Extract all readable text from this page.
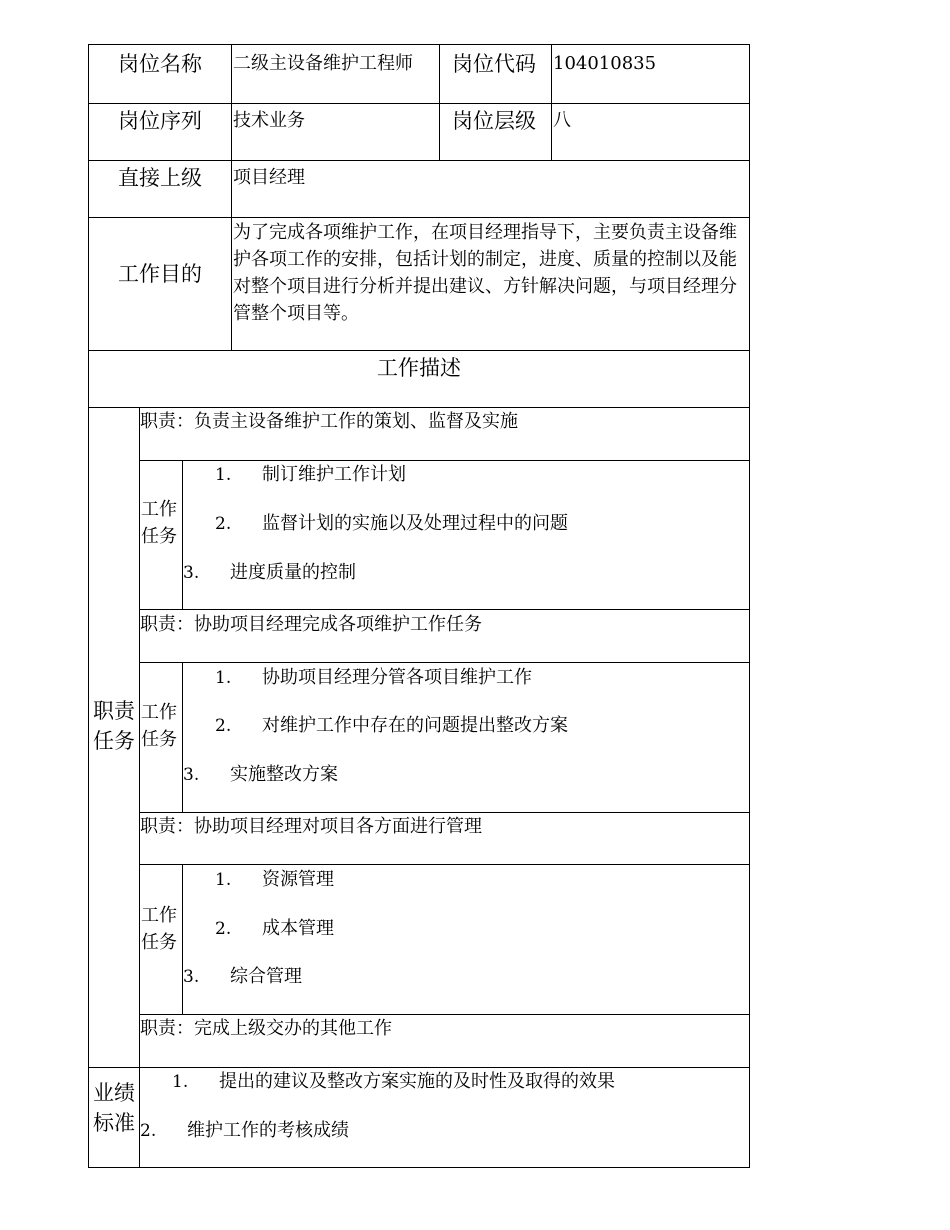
岗位名称 二级主设备维护工程师 岗位代码 104010835
岗位序列 技术业务	岗位层级 八
直接上级 项目经理
工作目的
为了完成各项维护工作，在项目经理指导下，主要负责主设备维护各项工作的安排，包括计划的制定，进度、质量的控制以及能对整个项目进行分析并提出建议、方针解决问题，与项目经理分管整个项目等。
工作描述
职责
任务
职责：负责主设备维护工作的策划、监督及实施
工作
任务
1. 制订维护工作计划
2. 监督计划的实施以及处理过程中的问题
3. 进度质量的控制
职责：协助项目经理完成各项维护工作任务
工作
任务
1. 协助项目经理分管各项目维护工作
2. 对维护工作中存在的问题提出整改方案
3. 实施整改方案
职责：协助项目经理对项目各方面进行管理
工作
任务
1. 资源管理
2. 成本管理
3. 综合管理
职责：完成上级交办的其他工作
业绩
标准
1. 提出的建议及整改方案实施的及时性及取得的效果
2. 维护工作的考核成绩
